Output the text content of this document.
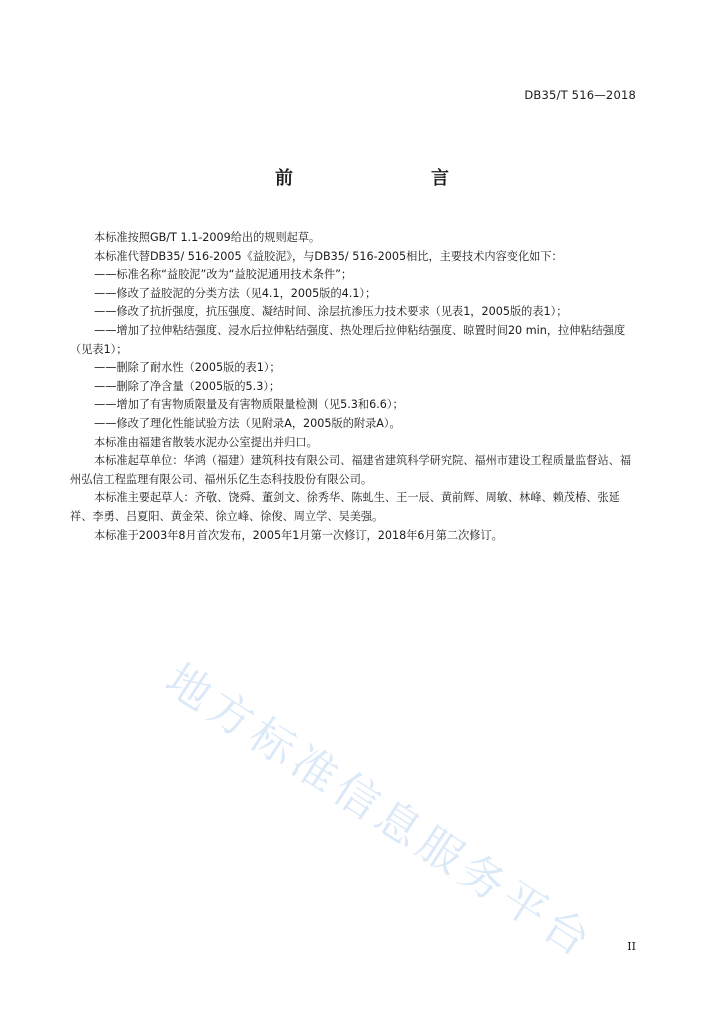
DB35/T 516—2018
前　　言

本标准按照GB/T 1.1-2009给出的规则起草。

本标准代替DB35/ 516-2005《益胶泥》，与DB35/ 516-2005相比，主要技术内容变化如下：

——标准名称“益胶泥”改为“益胶泥通用技术条件”；

——修改了益胶泥的分类方法（见4.1，2005版的4.1）；

——修改了抗折强度，抗压强度、凝结时间、涂层抗渗压力技术要求（见表1，2005版的表1）；

——增加了拉伸粘结强度、浸水后拉伸粘结强度、热处理后拉伸粘结强度、晾置时间20 min，拉伸粘结强度（见表1）；

——删除了耐水性（2005版的表1）；

——删除了净含量（2005版的5.3）；

——增加了有害物质限量及有害物质限量检测（见5.3和6.6）；

——修改了理化性能试验方法（见附录A，2005版的附录A）。

本标准由福建省散装水泥办公室提出并归口。

本标准起草单位：华鸿（福建）建筑科技有限公司、福建省建筑科学研究院、福州市建设工程质量监督站、福州弘信工程监理有限公司、福州乐亿生态科技股份有限公司。

本标准主要起草人：齐敬、饶舜、董剑文、徐秀华、陈虬生、王一辰、黄前辉、周敏、林峰、赖茂椿、张延祥、李勇、吕夏阳、黄金荣、徐立峰、徐俊、周立学、吴美强。

本标准于2003年8月首次发布，2005年1月第一次修订，2018年6月第二次修订。

地方标准信息服务平台	II
